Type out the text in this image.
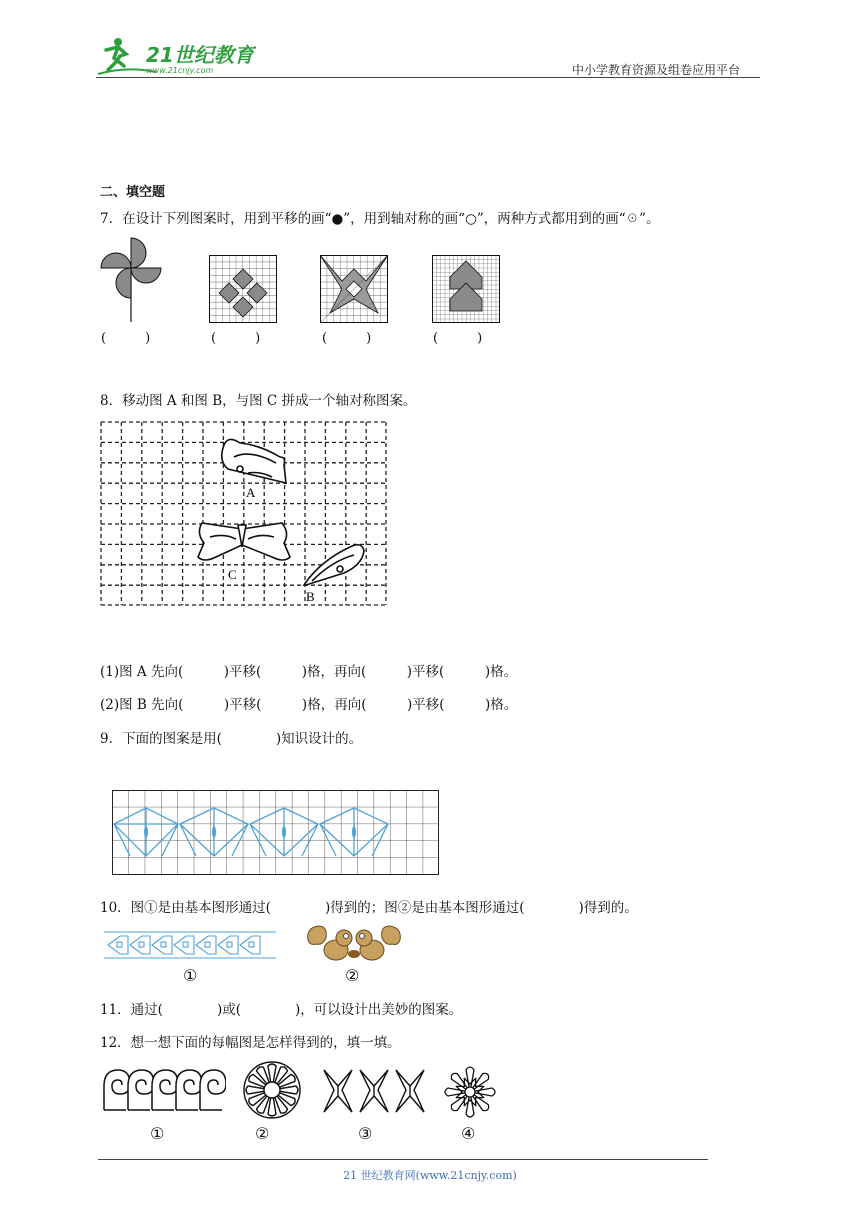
21世纪教育
www.21cnjy.com	中小学教育资源及组卷应用平台
二、填空题
7．在设计下列图案时，用到平移的画“●”，用到轴对称的画“○”，两种方式都用到的画“☉”。
(　　　)	(　　　)	(　　　)	(　　　)
8．移动图 A 和图 B，与图 C 拼成一个轴对称图案。
A
C
B
(1)图 A 先向(　　　)平移(　　　)格，再向(　　　)平移(　　　)格。
(2)图 B 先向(　　　)平移(　　　)格，再向(　　　)平移(　　　)格。
9．下面的图案是用(　　　　)知识设计的。
10．图①是由基本图形通过(　　　　)得到的；图②是由基本图形通过(　　　　)得到的。
①	②
11．通过(　　　　)或(　　　　)，可以设计出美妙的图案。
12．想一想下面的每幅图是怎样得到的，填一填。
①	②	③	④
21 世纪教育网(www.21cnjy.com)
